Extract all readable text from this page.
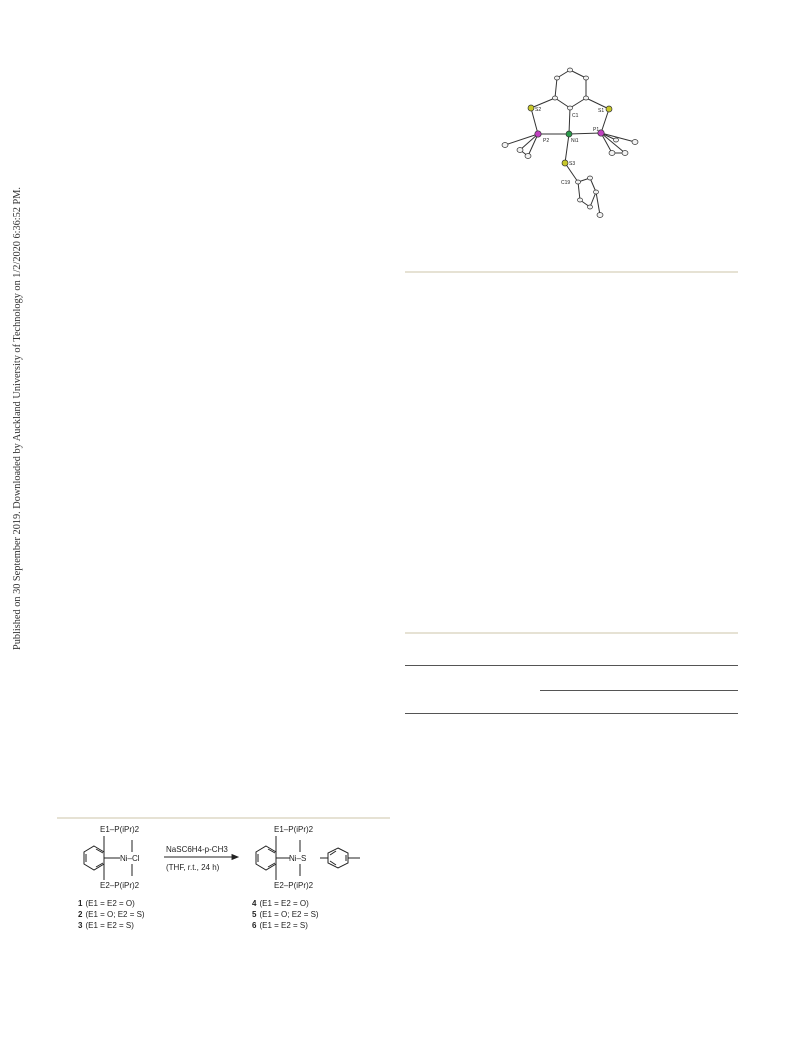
Published on 30 September 2019. Downloaded by Auckland University of Technology on 1/2/2020 6:36:52 PM.
S2
C1
S1
P2	Ni1
P1
S3
C19
E1–P(iPr)2
Ni–Cl
E2–P(iPr)2
NaSC6H4-p-CH3
(THF, r.t., 24 h)
E1–P(iPr)2
Ni–S
E2–P(iPr)2
1 (E1 = E2 = O)
2 (E1 = O; E2 = S)
3 (E1 = E2 = S)
4 (E1 = E2 = O)
5 (E1 = O; E2 = S)
6 (E1 = E2 = S)
